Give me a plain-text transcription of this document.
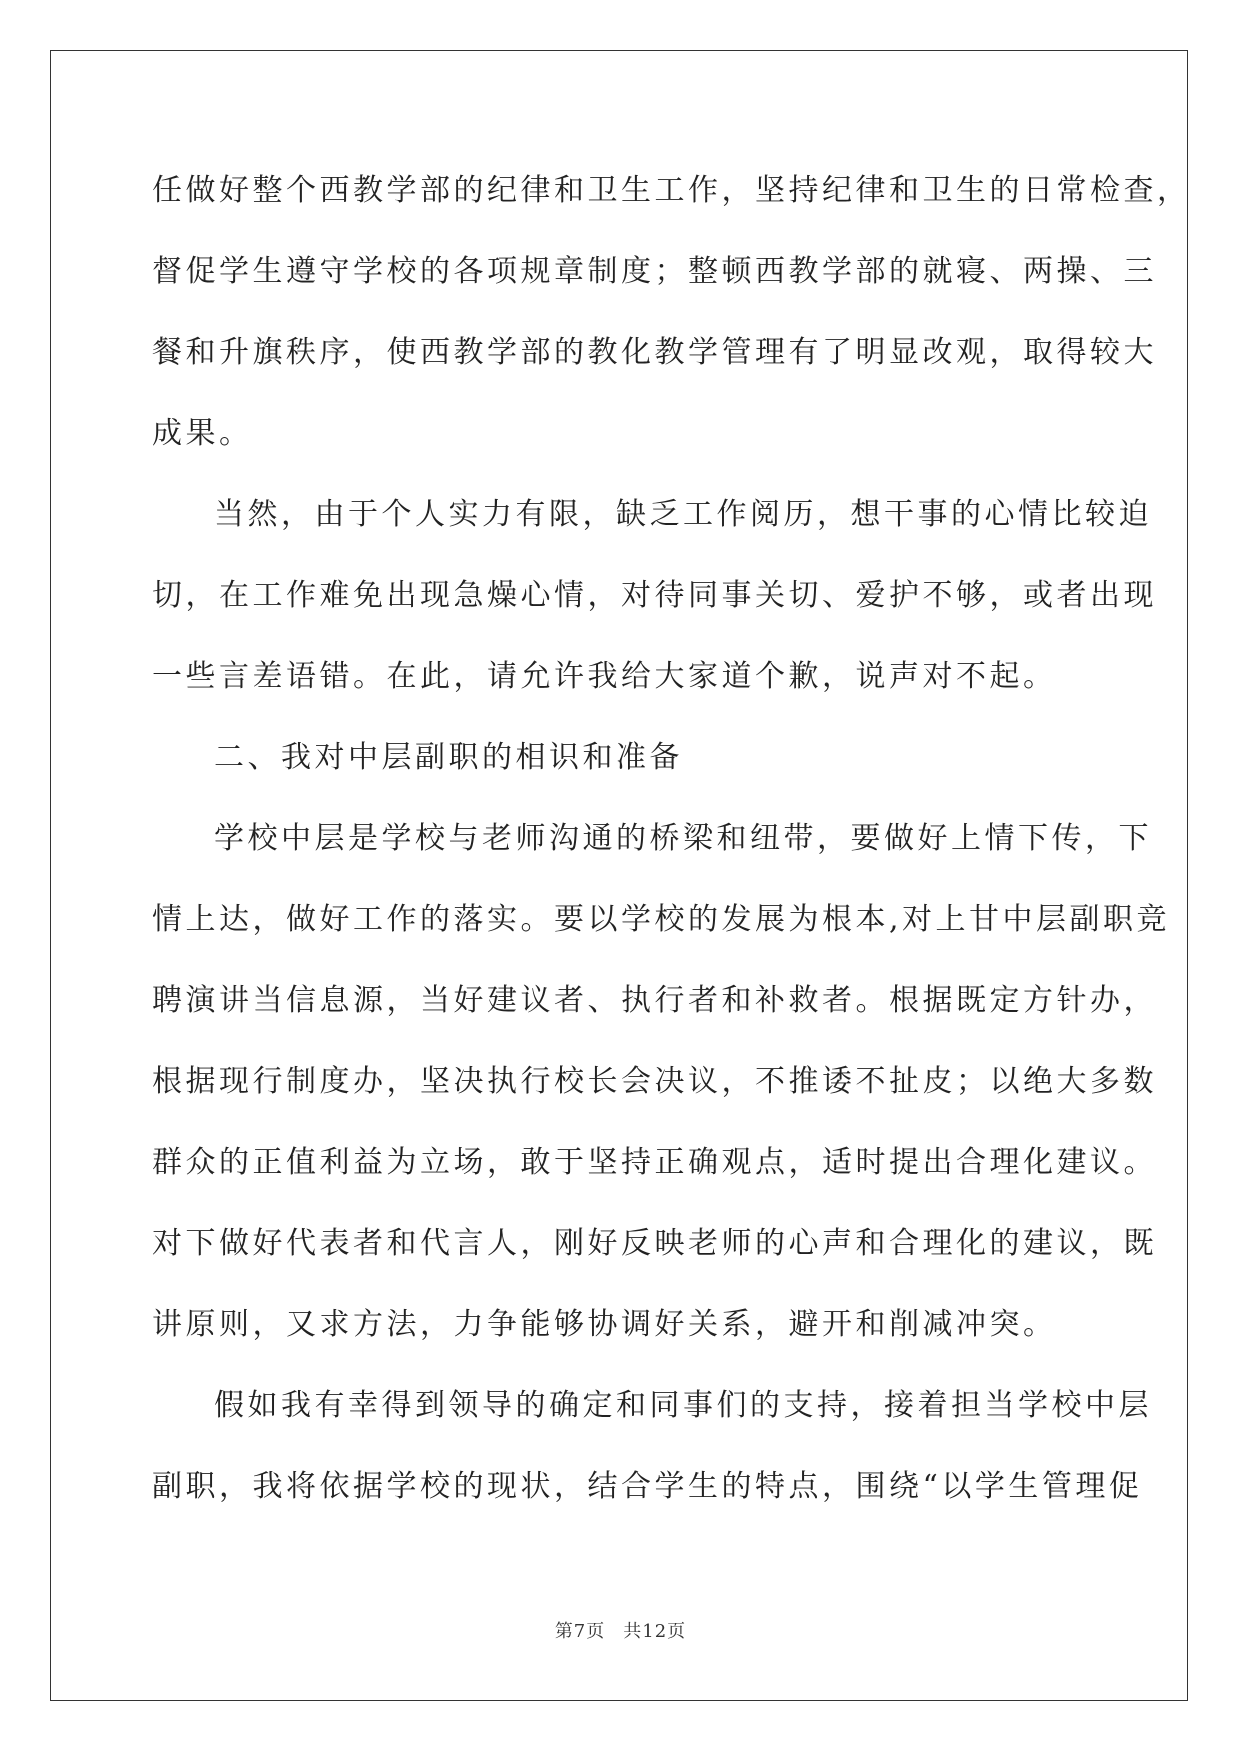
任做好整个西教学部的纪律和卫生工作，坚持纪律和卫生的日常检查，
督促学生遵守学校的各项规章制度；整顿西教学部的就寝、两操、三
餐和升旗秩序，使西教学部的教化教学管理有了明显改观，取得较大
成果。
当然，由于个人实力有限，缺乏工作阅历，想干事的心情比较迫
切，在工作难免出现急燥心情，对待同事关切、爱护不够，或者出现
一些言差语错。在此，请允许我给大家道个歉，说声对不起。
二、我对中层副职的相识和准备
学校中层是学校与老师沟通的桥梁和纽带，要做好上情下传，下
情上达，做好工作的落实。要以学校的发展为根本,对上甘中层副职竞
聘演讲当信息源，当好建议者、执行者和补救者。根据既定方针办，
根据现行制度办，坚决执行校长会决议，不推诿不扯皮；以绝大多数
群众的正值利益为立场，敢于坚持正确观点，适时提出合理化建议。
对下做好代表者和代言人，刚好反映老师的心声和合理化的建议，既
讲原则，又求方法，力争能够协调好关系，避开和削减冲突。
假如我有幸得到领导的确定和同事们的支持，接着担当学校中层
副职，我将依据学校的现状，结合学生的特点，围绕“以学生管理促
第7页 共12页
